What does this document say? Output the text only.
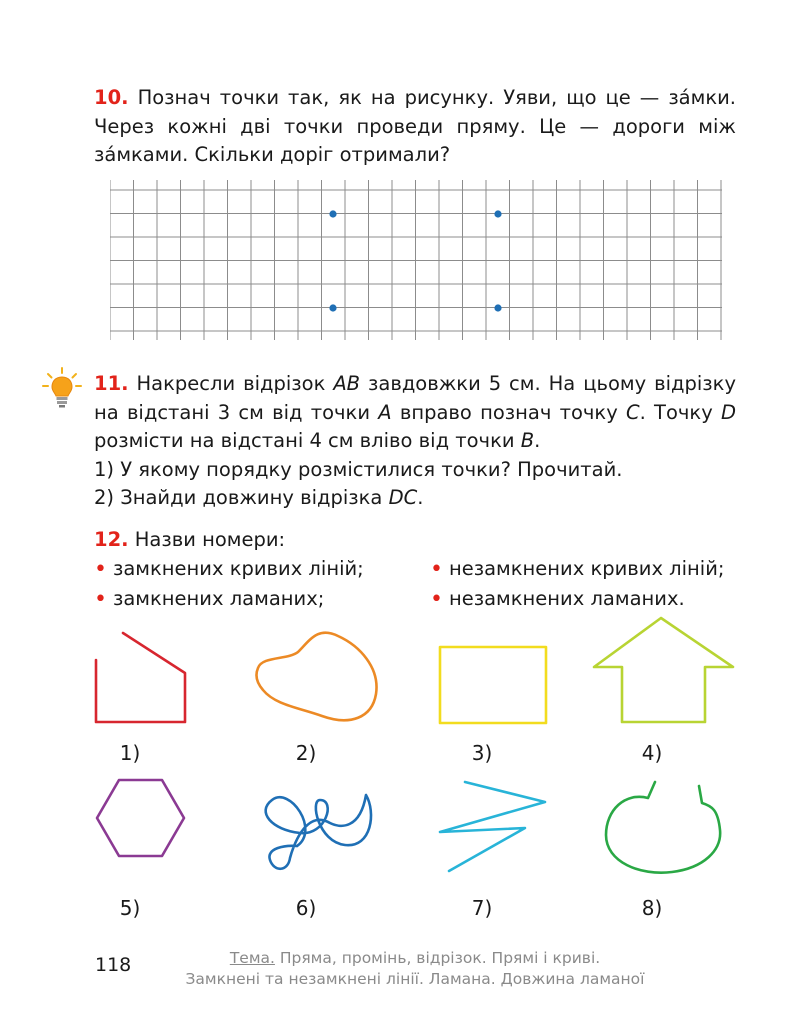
10. Познач точки так, як на рисунку. Уяви, що це — за́мки.
Через кожні дві точки проведи пряму. Це — дороги між
за́мками. Скільки доріг отримали?
11. Накресли відрізок AB завдовжки 5 см. На цьому відрізку
на відстані 3 см від точки A вправо познач точку C. Точку D
розмісти на відстані 4 см вліво від точки B.
1) У якому порядку розмістилися точки? Прочитай.
2) Знайди довжину відрізка DC.
12. Назви номери:
• замкнених кривих ліній;
• замкнених ламаних;
• незамкнених кривих ліній;
• незамкнених ламаних.
1)	2)	3)	4)
5)	6)	7)	8)
118	Тема. Пряма, промінь, відрізок. Прямі і криві.
Замкнені та незамкнені лінії. Ламана. Довжина ламаної
